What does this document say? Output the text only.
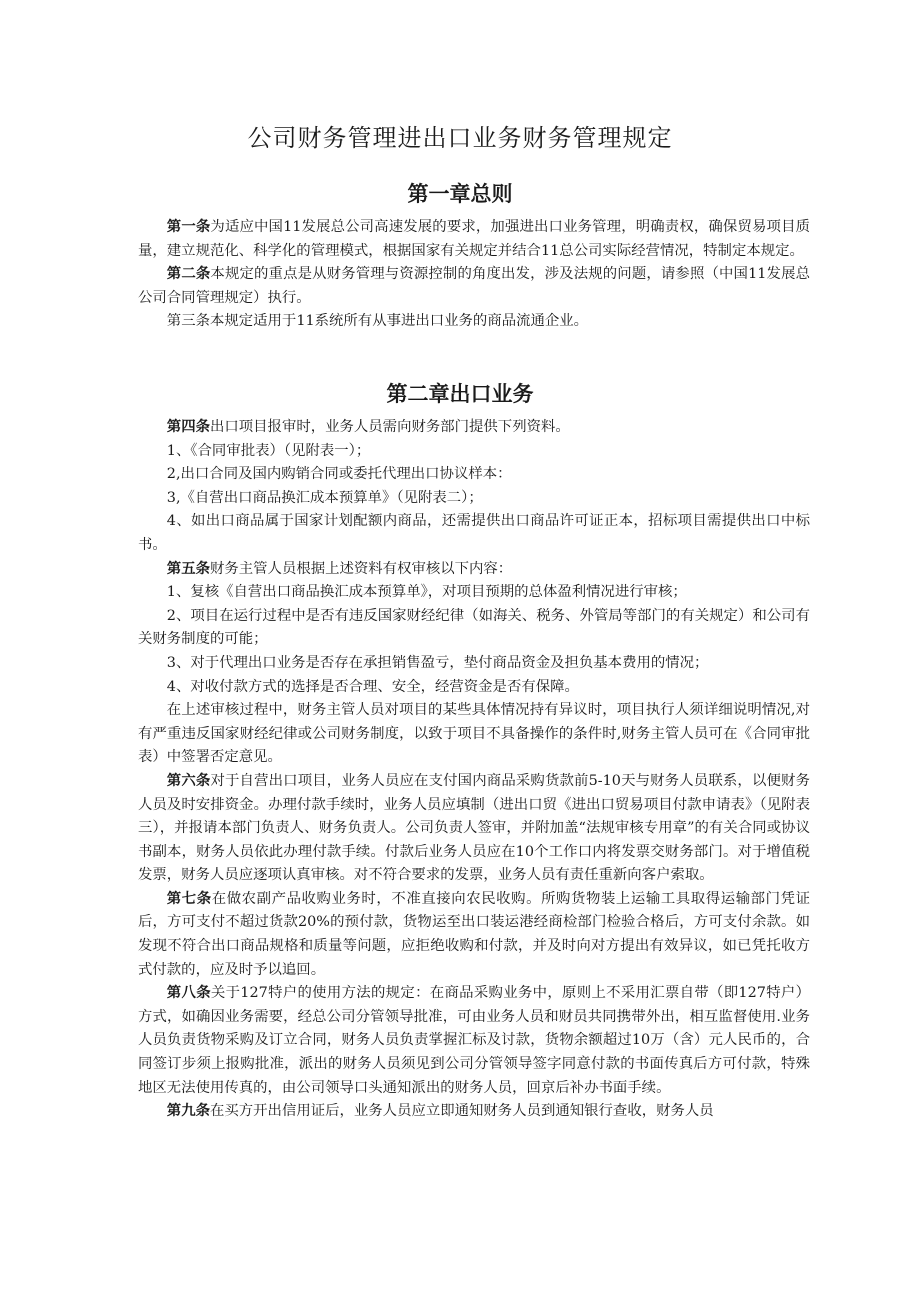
公司财务管理进出口业务财务管理规定
第一章总则

第一条为适应中国11发展总公司高速发展的要求，加强进出口业务管理，明确责权，确保贸易项目质量，建立规范化、科学化的管理模式，根据国家有关规定并结合11总公司实际经营情况，特制定本规定。

第二条本规定的重点是从财务管理与资源控制的角度出发，涉及法规的问题，请参照（中国11发展总公司合同管理规定）执行。

第三条本规定适用于11系统所有从事进出口业务的商品流通企业。

第二章出口业务

第四条出口项目报审时，业务人员需向财务部门提供下列资料。

1、《合同审批表）（见附表一）；

2,出口合同及国内购销合同或委托代理出口协议样本：

3,《自营出口商品换汇成本预算单》（见附表二）；

4、如出口商品属于国家计划配额内商品，还需提供出口商品许可证正本，招标项目需提供出口中标书。

第五条财务主管人员根据上述资料有权审核以下内容：

1、复核《自营出口商品换汇成本预算单》，对项目预期的总体盈利情况进行审核；

2、项目在运行过程中是否有违反国家财经纪律（如海关、税务、外管局等部门的有关规定）和公司有关财务制度的可能；

3、对于代理出口业务是否存在承担销售盈亏，垫付商品资金及担负基本费用的情况；

4、对收付款方式的选择是否合理、安全，经营资金是否有保障。

在上述审核过程中，财务主管人员对项目的某些具体情况持有异议时，项目执行人须详细说明情况,对有严重违反国家财经纪律或公司财务制度，以致于项目不具备操作的条件时,财务主管人员可在《合同审批表）中签署否定意见。

第六条对于自营出口项目，业务人员应在支付国内商品采购货款前5-10天与财务人员联系，以便财务人员及时安排资金。办理付款手续时，业务人员应填制（进出口贸《进出口贸易项目付款申请表》（见附表三），并报请本部门负责人、财务负责人。公司负责人签审，并附加盖“法规审核专用章”的有关合同或协议书副本，财务人员依此办理付款手续。付款后业务人员应在10个工作口内将发票交财务部门。对于增值税发票，财务人员应逐项认真审核。对不符合要求的发票，业务人员有责任重新向客户索取。

第七条在做农副产品收购业务时，不准直接向农民收购。所购货物装上运输工具取得运输部门凭证后，方可支付不超过货款20%的预付款，货物运至出口装运港经商检部门检验合格后，方可支付余款。如发现不符合出口商品规格和质量等问题，应拒绝收购和付款，并及时向对方提出有效异议，如已凭托收方式付款的，应及时予以追回。

第八条关于127特户的使用方法的规定：在商品采购业务中，原则上不采用汇票自带（即127特户）方式，如确因业务需要，经总公司分管领导批准，可由业务人员和财员共同携带外出，相互监督使用.业务人员负责货物采购及订立合同，财务人员负责掌握汇标及讨款，货物余额超过10万（含）元人民币的，合同签订步须上报购批准，派出的财务人员须见到公司分管领导签字同意付款的书面传真后方可付款，特殊地区无法使用传真的，由公司领导口头通知派出的财务人员，回京后补办书面手续。

第九条在买方开出信用证后，业务人员应立即通知财务人员到通知银行查收，财务人员
